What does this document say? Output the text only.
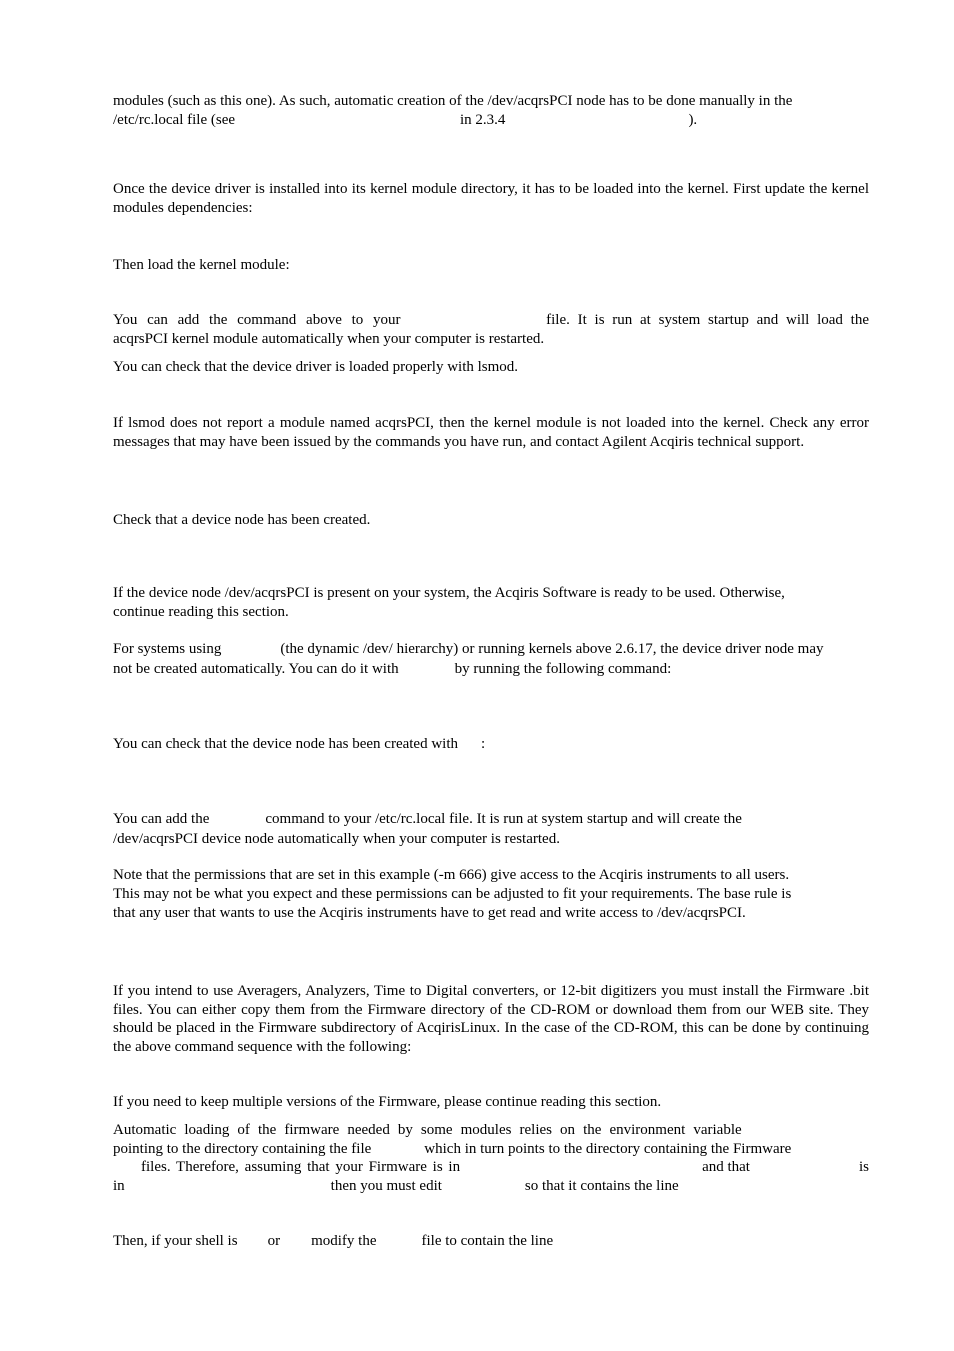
modules (such as this one). As such, automatic creation of the /dev/acqrsPCI node has to be done manually in the
/etc/rc.local file (see	in 2.3.4	).

Once the device driver is installed into its kernel module directory, it has to be loaded into the kernel. First update the kernel modules dependencies:

Then load the kernel module:

You can add the command above to your	file. It is run at system startup and will load the
acqrsPCI kernel module automatically when your computer is restarted.

You can check that the device driver is loaded properly with lsmod.

If lsmod does not report a module named acqrsPCI, then the kernel module is not loaded into the kernel. Check any error messages that may have been issued by the commands you have run, and contact Agilent Acqiris technical support.

Check that a device node has been created.

If the device node /dev/acqrsPCI is present on your system, the Acqiris Software is ready to be used. Otherwise,
continue reading this section.

For systems using	(the dynamic /dev/ hierarchy) or running kernels above 2.6.17, the device driver node may
not be created automatically. You can do it with	by running the following command:

You can check that the device node has been created with :

You can add the	command to your /etc/rc.local file. It is run at system startup and will create the
/dev/acqrsPCI device node automatically when your computer is restarted.

Note that the permissions that are set in this example (-m 666) give access to the Acqiris instruments to all users.
This may not be what you expect and these permissions can be adjusted to fit your requirements. The base rule is
that any user that wants to use the Acqiris instruments have to get read and write access to /dev/acqrsPCI.

If you intend to use Averagers, Analyzers, Time to Digital converters, or 12-bit digitizers you must install the Firmware .bit files. You can either copy them from the Firmware directory of the CD-ROM or download them from our WEB site. They should be placed in the Firmware subdirectory of AcqirisLinux. In the case of the CD-ROM, this can be done by continuing the above command sequence with the following:

If you need to keep multiple versions of the Firmware, please continue reading this section.

Automatic loading of the firmware needed by some modules relies on the environment variable
pointing to the directory containing the file	which in turn points to the directory containing the Firmware
files. Therefore, assuming that your Firmware is in	and that	is
in	then you must edit	so that it contains the line

Then, if your shell is or modify the	file to contain the line
